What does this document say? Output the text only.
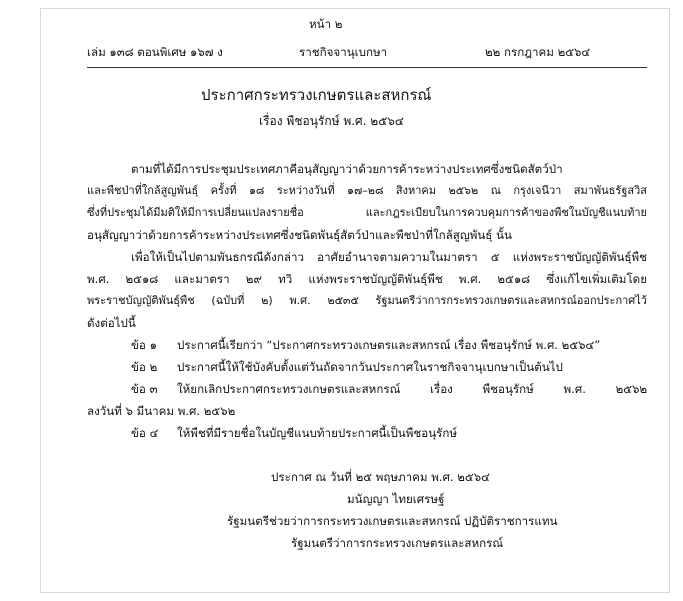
หน้า ๒
เล่ม ๑๓๘ ตอนพิเศษ ๑๖๗ ง	ราชกิจจานุเบกษา	๒๒ กรกฎาคม ๒๕๖๔
ประกาศกระทรวงเกษตรและสหกรณ์
เรื่อง พืชอนุรักษ์ พ.ศ. ๒๕๖๔
ตามที่ได้มีการประชุมประเทศภาคีอนุสัญญาว่าด้วยการค้าระหว่างประเทศซึ่งชนิดสัตว์ป่า
และพืชป่าที่ใกล้สูญพันธุ์ ครั้งที่ ๑๘ ระหว่างวันที่ ๑๗–๒๘ สิงหาคม ๒๕๖๒ ณ กรุงเจนีวา สมาพันธรัฐสวิส
ซึ่งที่ประชุมได้มีมติให้มีการเปลี่ยนแปลงรายชื่อ และกฎระเบียบในการควบคุมการค้าของพืชในบัญชีแนบท้าย
อนุสัญญาว่าด้วยการค้าระหว่างประเทศซึ่งชนิดพันธุ์สัตว์ป่าและพืชป่าที่ใกล้สูญพันธุ์ นั้น
เพื่อให้เป็นไปตามพันธกรณีดังกล่าว อาศัยอำนาจตามความในมาตรา ๕ แห่งพระราชบัญญัติพันธุ์พืช
พ.ศ. ๒๕๑๘ และมาตรา ๒๙ ทวิ แห่งพระราชบัญญัติพันธุ์พืช พ.ศ. ๒๕๑๘ ซึ่งแก้ไขเพิ่มเติมโดย
พระราชบัญญัติพันธุ์พืช (ฉบับที่ ๒) พ.ศ. ๒๕๓๕ รัฐมนตรีว่าการกระทรวงเกษตรและสหกรณ์ออกประกาศไว้
ดังต่อไปนี้
ข้อ ๑ ประกาศนี้เรียกว่า “ประกาศกระทรวงเกษตรและสหกรณ์ เรื่อง พืชอนุรักษ์ พ.ศ. ๒๕๖๔”
ข้อ ๒ ประกาศนี้ให้ใช้บังคับตั้งแต่วันถัดจากวันประกาศในราชกิจจานุเบกษาเป็นต้นไป
ข้อ ๓ ให้ยกเลิกประกาศกระทรวงเกษตรและสหกรณ์ เรื่อง พืชอนุรักษ์ พ.ศ. ๒๕๖๒
ลงวันที่ ๖ มีนาคม พ.ศ. ๒๕๖๒
ข้อ ๔ ให้พืชที่มีรายชื่อในบัญชีแนบท้ายประกาศนี้เป็นพืชอนุรักษ์
ประกาศ ณ วันที่ ๒๕ พฤษภาคม พ.ศ. ๒๕๖๔
มนัญญา ไทยเศรษฐ์
รัฐมนตรีช่วยว่าการกระทรวงเกษตรและสหกรณ์ ปฏิบัติราชการแทน
รัฐมนตรีว่าการกระทรวงเกษตรและสหกรณ์
